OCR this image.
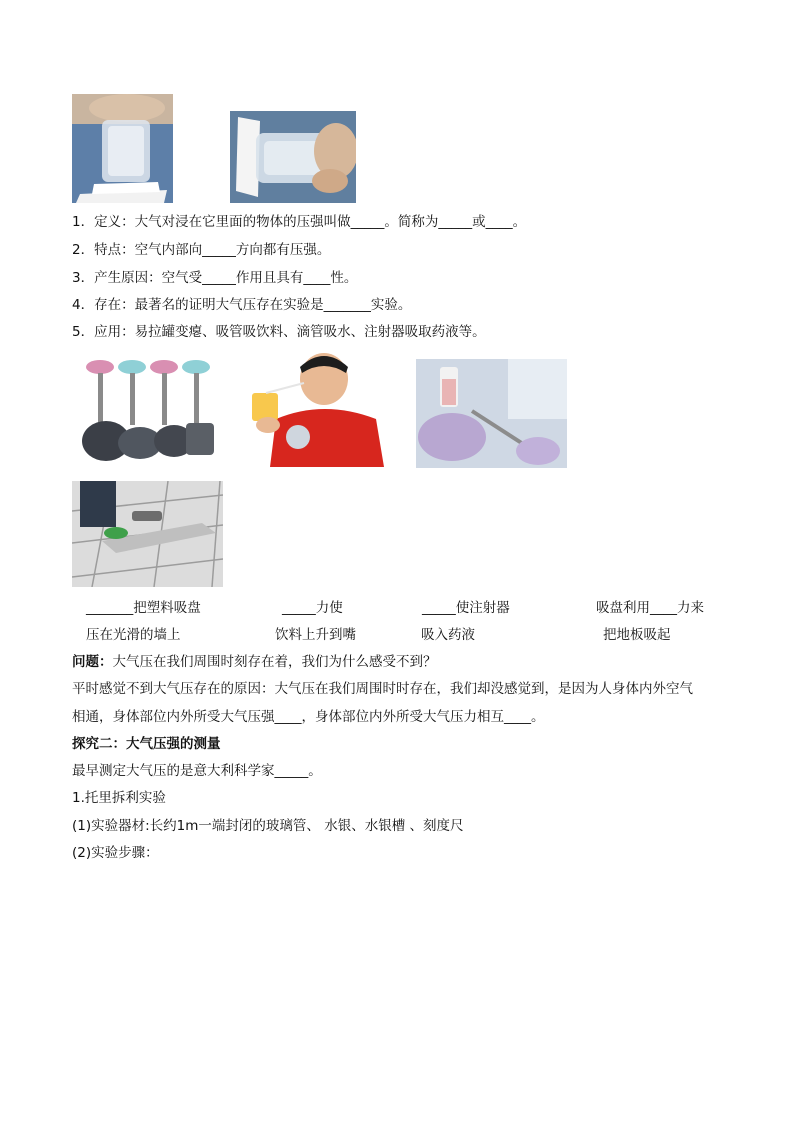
1．定义：大气对浸在它里面的物体的压强叫做_____。简称为_____或____。
2．特点：空气内部向_____方向都有压强。
3．产生原因：空气受_____作用且具有____性。
4．存在：最著名的证明大气压存在实验是_______实验。
5．应用：易拉罐变瘪、吸管吸饮料、滴管吸水、注射器吸取药液等。
_______把塑料吸盘
压在光滑的墙上
_____力使
饮料上升到嘴
_____使注射器
吸入药液
吸盘利用____力来
把地板吸起
问题：大气压在我们周围时刻存在着，我们为什么感受不到？
平时感觉不到大气压存在的原因：大气压在我们周围时时存在，我们却没感觉到，是因为人身体内外空气
相通，身体部位内外所受大气压强____，身体部位内外所受大气压力相互____。
探究二：大气压强的测量
最早测定大气压的是意大利科学家_____。
1.托里拆利实验
(1)实验器材:长约1m一端封闭的玻璃管、 水银、水银槽 、刻度尺
(2)实验步骤：
